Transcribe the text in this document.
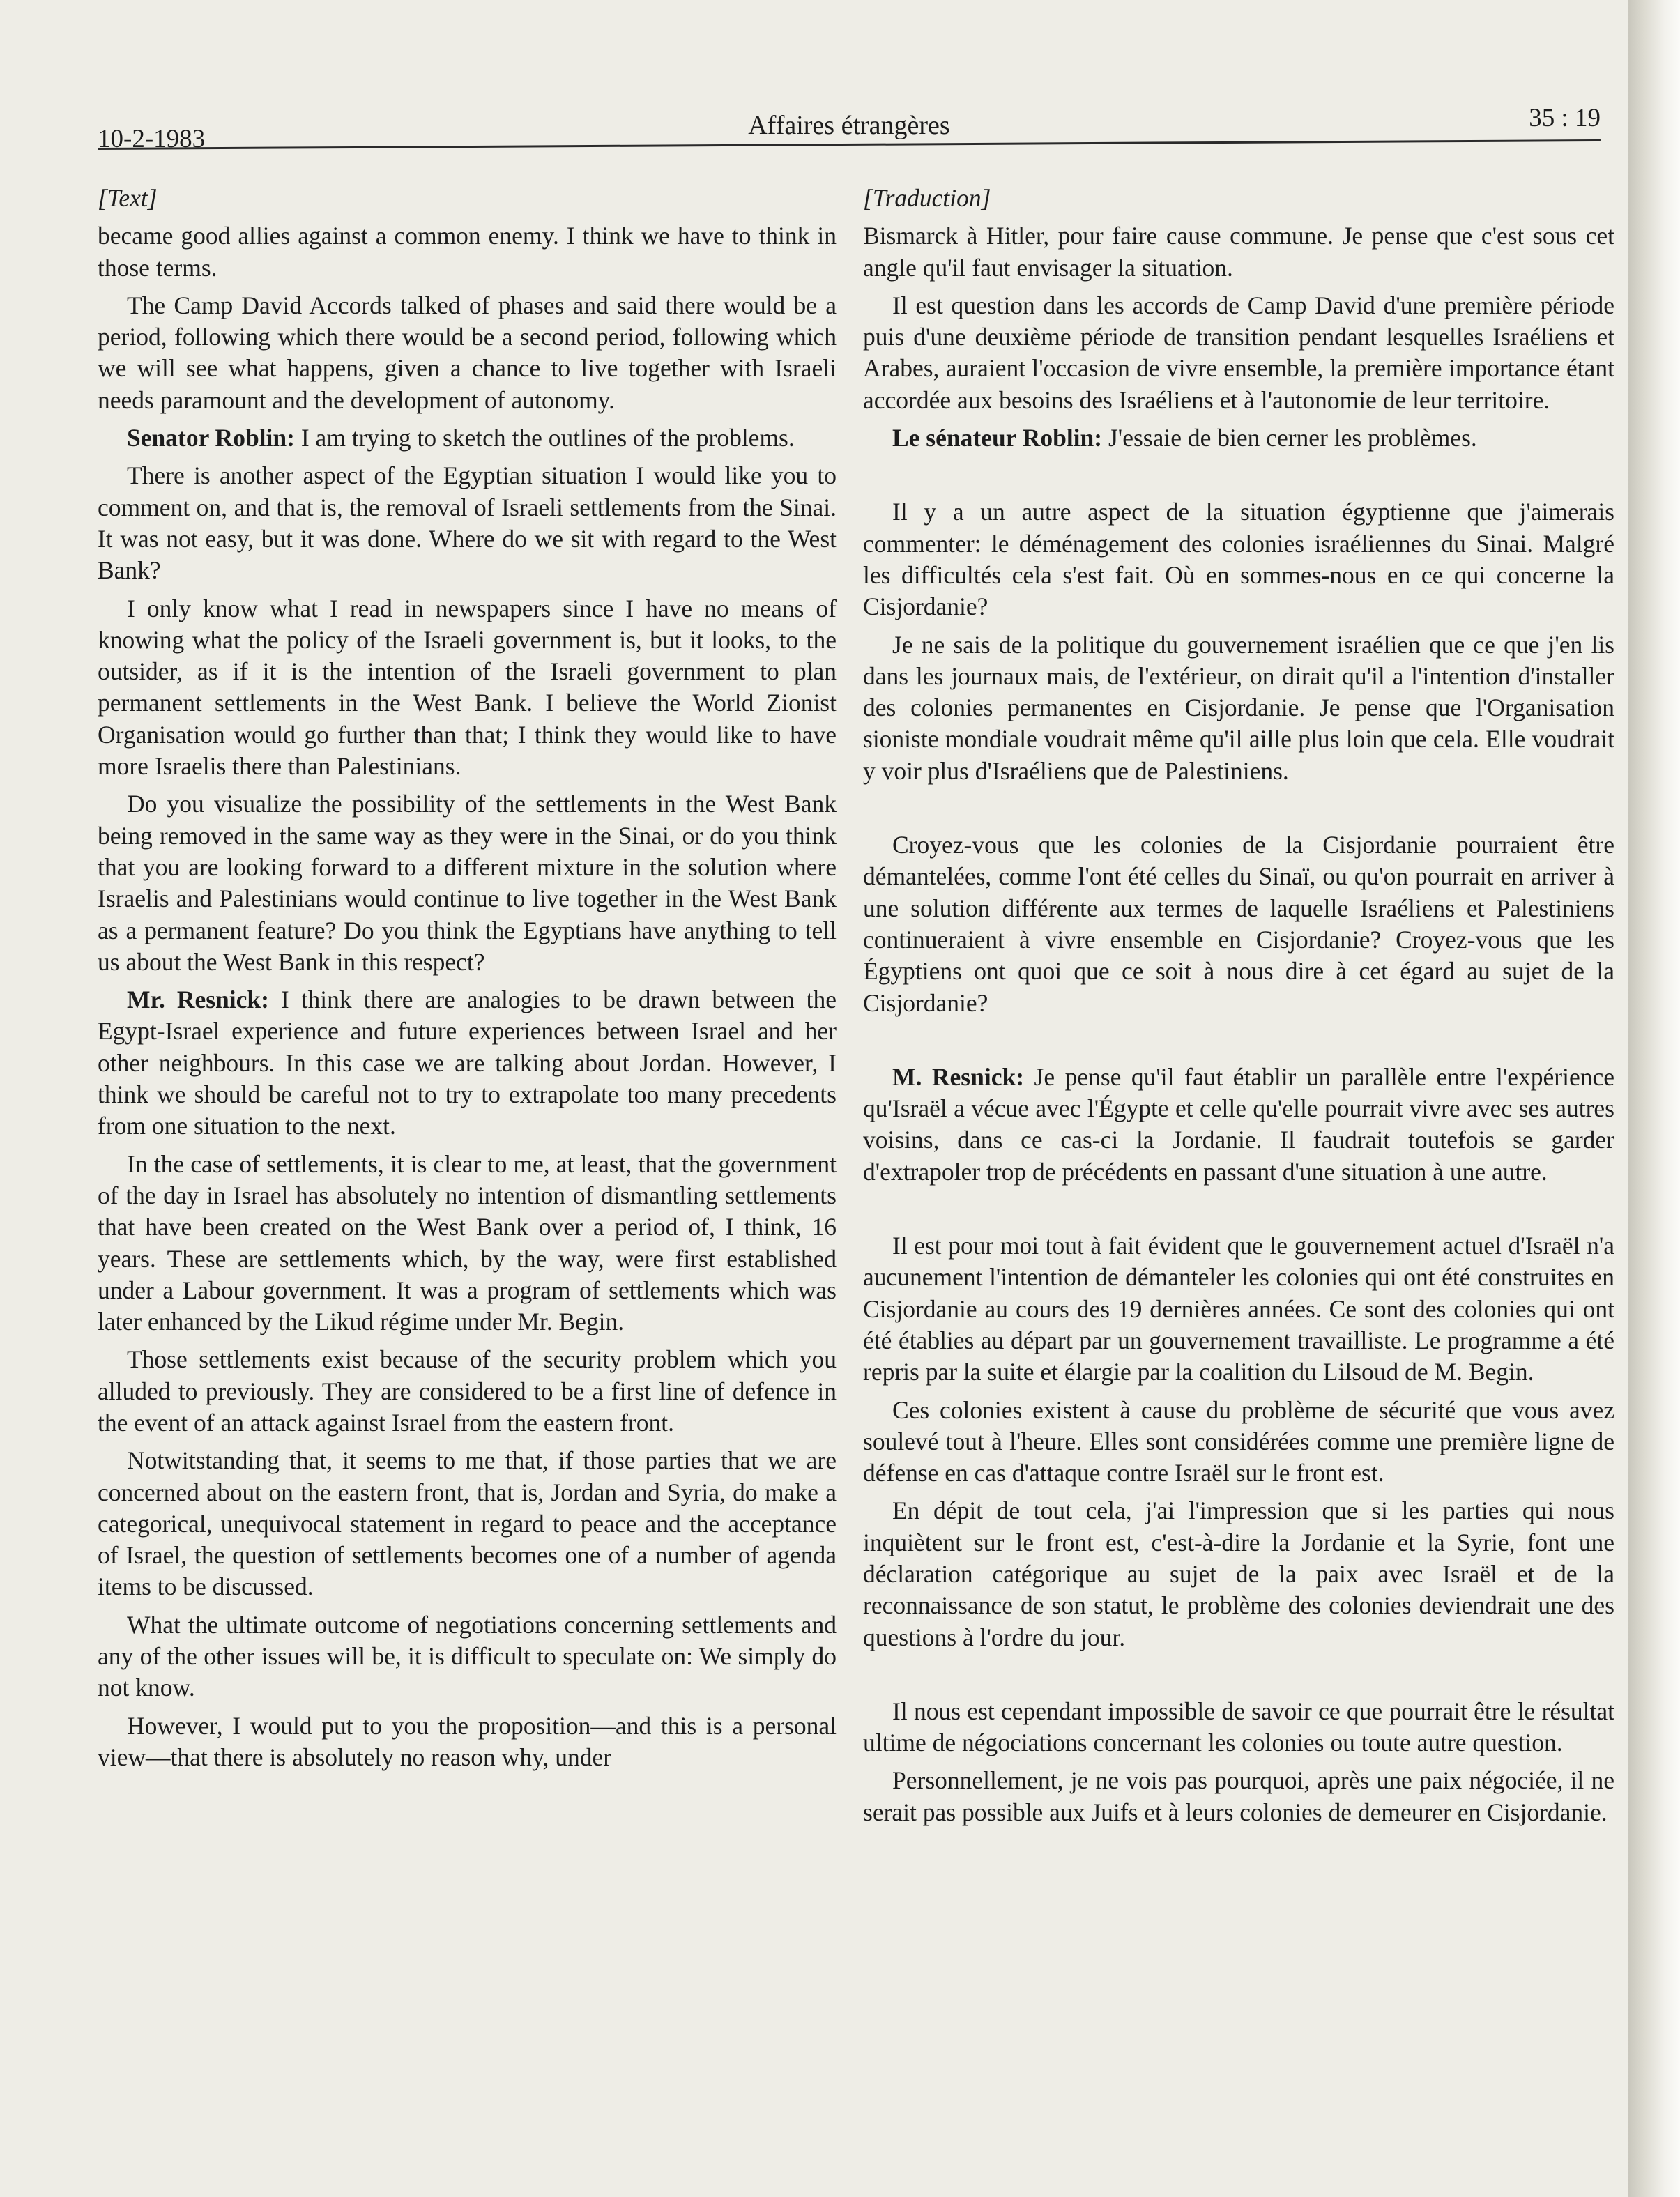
10-2-1983	Affaires étrangères	35 : 19

[Text]

became good allies against a common enemy. I think we have to think in those terms.

The Camp David Accords talked of phases and said there would be a period, following which there would be a second period, following which we will see what happens, given a chance to live together with Israeli needs paramount and the development of autonomy.

Senator Roblin: I am trying to sketch the outlines of the problems.

There is another aspect of the Egyptian situation I would like you to comment on, and that is, the removal of Israeli settlements from the Sinai. It was not easy, but it was done. Where do we sit with regard to the West Bank?

I only know what I read in newspapers since I have no means of knowing what the policy of the Israeli government is, but it looks, to the outsider, as if it is the intention of the Israeli government to plan permanent settlements in the West Bank. I believe the World Zionist Organisation would go further than that; I think they would like to have more Israelis there than Palestinians.

Do you visualize the possibility of the settlements in the West Bank being removed in the same way as they were in the Sinai, or do you think that you are looking forward to a different mixture in the solution where Israelis and Palestinians would continue to live together in the West Bank as a permanent feature? Do you think the Egyptians have anything to tell us about the West Bank in this respect?

Mr. Resnick: I think there are analogies to be drawn between the Egypt-Israel experience and future experiences between Israel and her other neighbours. In this case we are talking about Jordan. However, I think we should be careful not to try to extrapolate too many precedents from one situation to the next.

In the case of settlements, it is clear to me, at least, that the government of the day in Israel has absolutely no intention of dismantling settlements that have been created on the West Bank over a period of, I think, 16 years. These are settlements which, by the way, were first established under a Labour government. It was a program of settlements which was later enhanced by the Likud régime under Mr. Begin.

Those settlements exist because of the security problem which you alluded to previously. They are considered to be a first line of defence in the event of an attack against Israel from the eastern front.

Notwitstanding that, it seems to me that, if those parties that we are concerned about on the eastern front, that is, Jordan and Syria, do make a categorical, unequivocal statement in regard to peace and the acceptance of Israel, the question of settlements becomes one of a number of agenda items to be discussed.

What the ultimate outcome of negotiations concerning settlements and any of the other issues will be, it is difficult to speculate on: We simply do not know.

However, I would put to you the proposition—and this is a personal view—that there is absolutely no reason why, under

[Traduction]

Bismarck à Hitler, pour faire cause commune. Je pense que c'est sous cet angle qu'il faut envisager la situation.

Il est question dans les accords de Camp David d'une première période puis d'une deuxième période de transition pendant lesquelles Israéliens et Arabes, auraient l'occasion de vivre ensemble, la première importance étant accordée aux besoins des Israéliens et à l'autonomie de leur territoire.

Le sénateur Roblin: J'essaie de bien cerner les problèmes.

Il y a un autre aspect de la situation égyptienne que j'aimerais commenter: le déménagement des colonies israéliennes du Sinai. Malgré les difficultés cela s'est fait. Où en sommes-nous en ce qui concerne la Cisjordanie?

Je ne sais de la politique du gouvernement israélien que ce que j'en lis dans les journaux mais, de l'extérieur, on dirait qu'il a l'intention d'installer des colonies permanentes en Cisjordanie. Je pense que l'Organisation sioniste mondiale voudrait même qu'il aille plus loin que cela. Elle voudrait y voir plus d'Israéliens que de Palestiniens.

Croyez-vous que les colonies de la Cisjordanie pourraient être démantelées, comme l'ont été celles du Sinaï, ou qu'on pourrait en arriver à une solution différente aux termes de laquelle Israéliens et Palestiniens continueraient à vivre ensemble en Cisjordanie? Croyez-vous que les Égyptiens ont quoi que ce soit à nous dire à cet égard au sujet de la Cisjordanie?

M. Resnick: Je pense qu'il faut établir un parallèle entre l'expérience qu'Israël a vécue avec l'Égypte et celle qu'elle pourrait vivre avec ses autres voisins, dans ce cas-ci la Jordanie. Il faudrait toutefois se garder d'extrapoler trop de précédents en passant d'une situation à une autre.

Il est pour moi tout à fait évident que le gouvernement actuel d'Israël n'a aucunement l'intention de démanteler les colonies qui ont été construites en Cisjordanie au cours des 19 dernières années. Ce sont des colonies qui ont été établies au départ par un gouvernement travailliste. Le programme a été repris par la suite et élargie par la coalition du Lilsoud de M. Begin.

Ces colonies existent à cause du problème de sécurité que vous avez soulevé tout à l'heure. Elles sont considérées comme une première ligne de défense en cas d'attaque contre Israël sur le front est.

En dépit de tout cela, j'ai l'impression que si les parties qui nous inquiètent sur le front est, c'est-à-dire la Jordanie et la Syrie, font une déclaration catégorique au sujet de la paix avec Israël et de la reconnaissance de son statut, le problème des colonies deviendrait une des questions à l'ordre du jour.

Il nous est cependant impossible de savoir ce que pourrait être le résultat ultime de négociations concernant les colonies ou toute autre question.

Personnellement, je ne vois pas pourquoi, après une paix négociée, il ne serait pas possible aux Juifs et à leurs colonies de demeurer en Cisjordanie.
